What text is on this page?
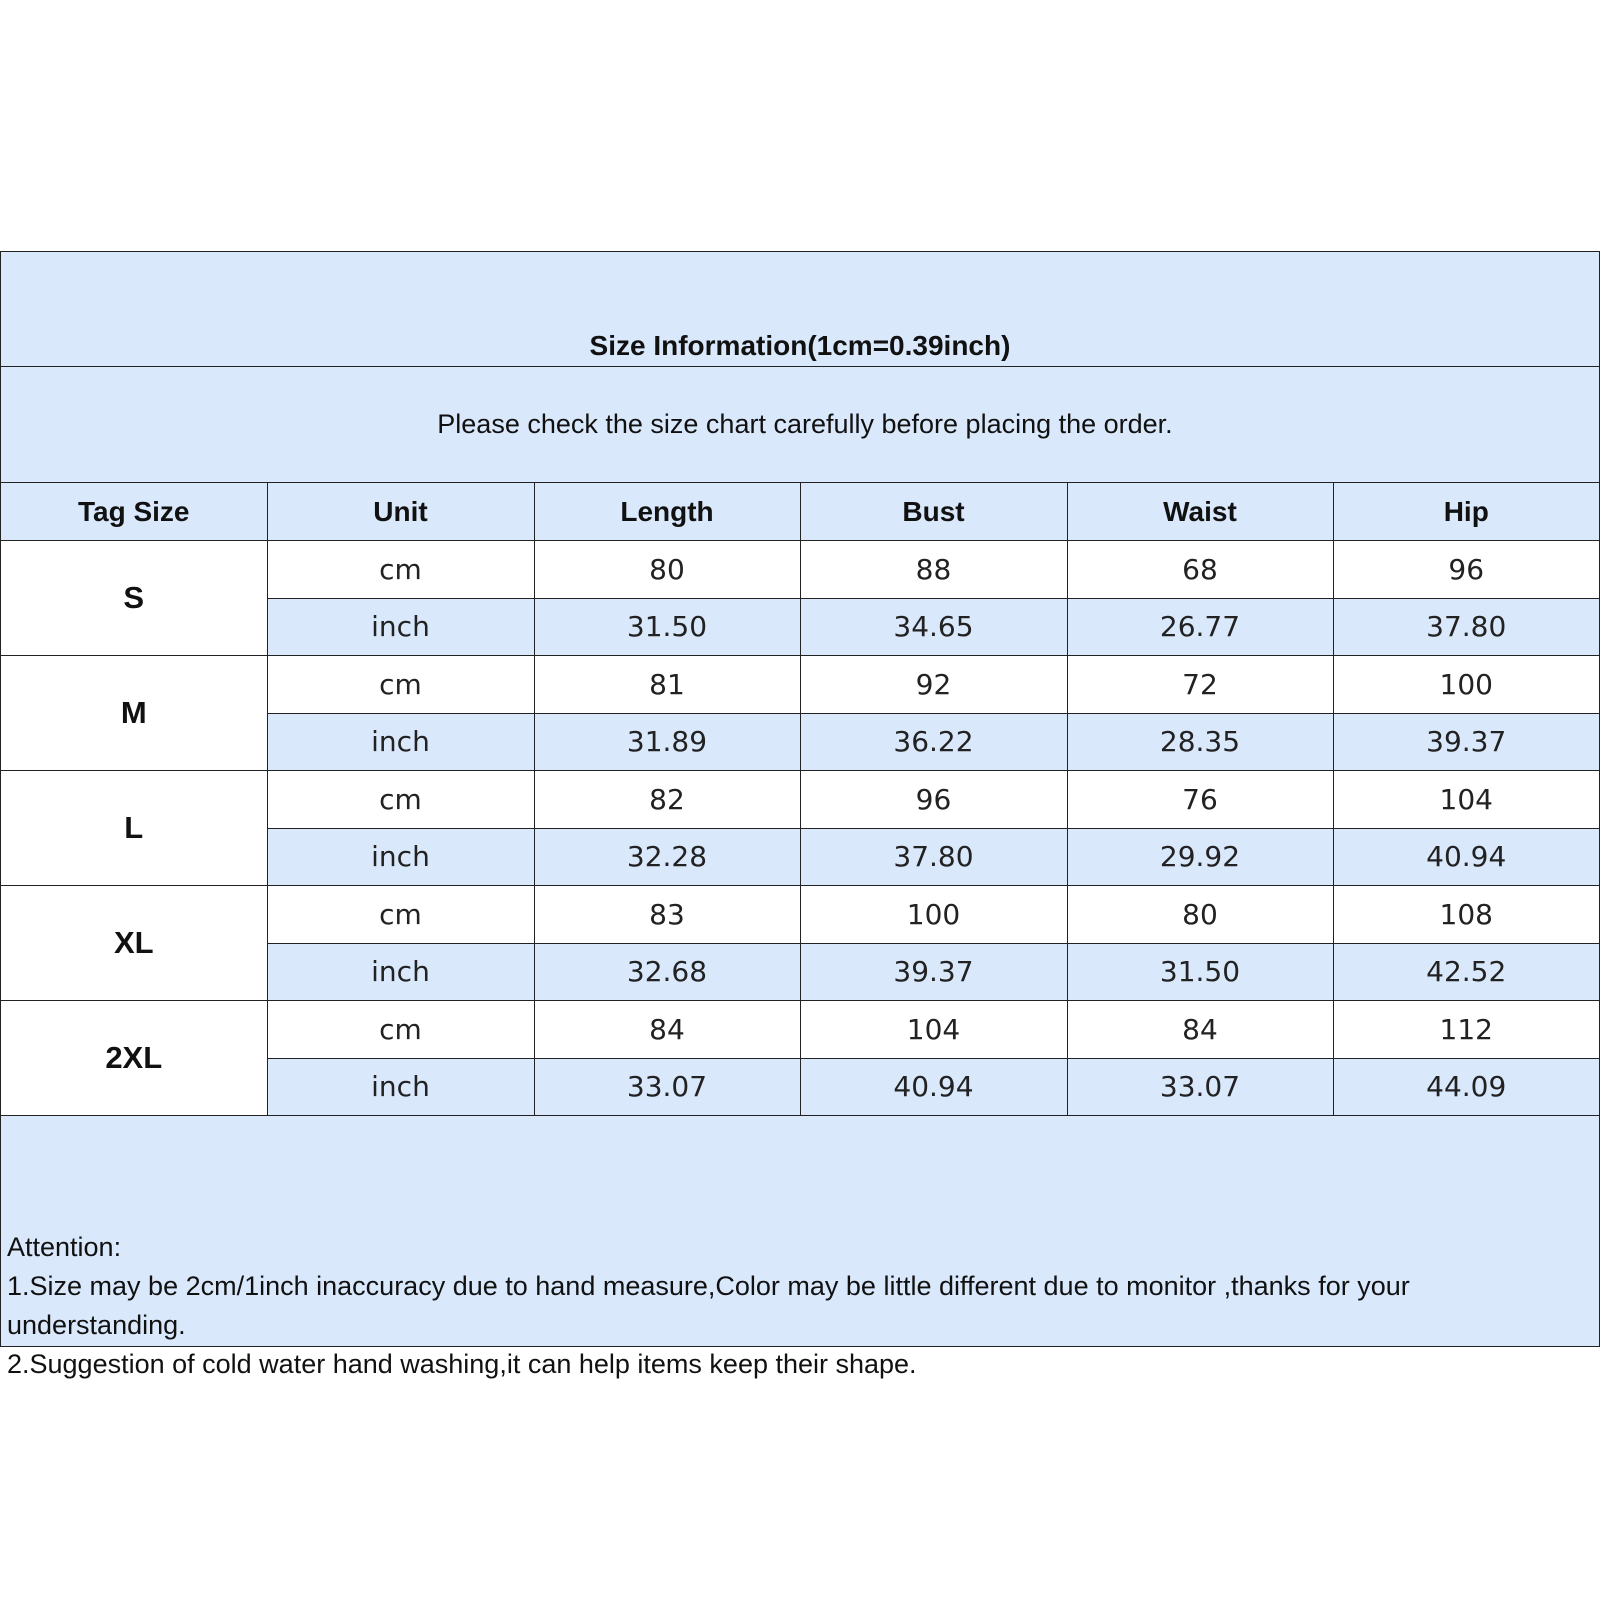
Size Information(1cm=0.39inch)
Please check the size chart carefully before placing the order.
Tag Size	Unit	Length	Bust	Waist	Hip
S	cm	80	88	68	96
	inch	31.50	34.65	26.77	37.80
M	cm	81	92	72	100
	inch	31.89	36.22	28.35	39.37
L	cm	82	96	76	104
	inch	32.28	37.80	29.92	40.94
XL	cm	83	100	80	108
	inch	32.68	39.37	31.50	42.52
2XL	cm	84	104	84	112
	inch	33.07	40.94	33.07	44.09
Attention:
1.Size may be 2cm/1inch inaccuracy due to hand measure,Color may be little different due to monitor ,thanks for your understanding.
2.Suggestion of cold water hand washing,it can help items keep their shape.
